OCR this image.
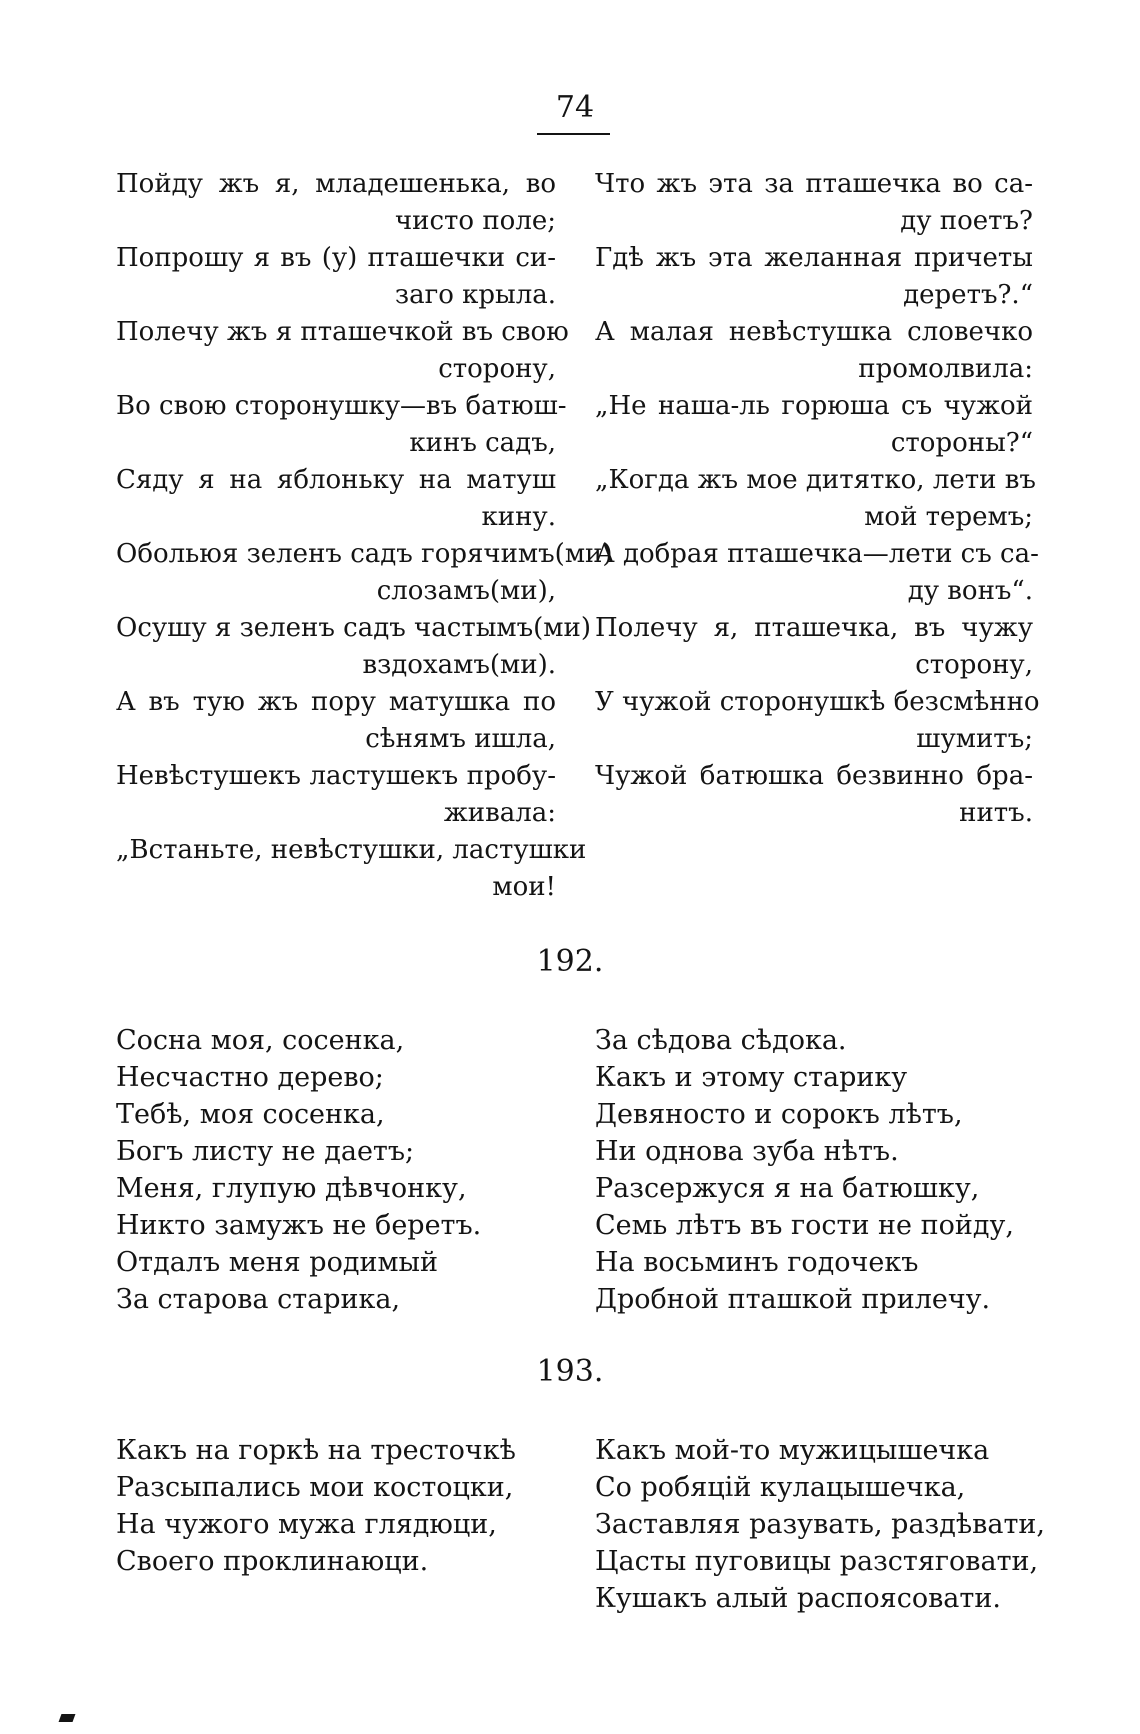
74
Пойду жъ я, младешенька, во
чисто поле;
Попрошу я въ (у) пташечки си-
заго крыла.
Полечу жъ я пташечкой въ свою
сторону,
Во свою сторонушку—въ батюш-
кинъ садъ,
Сяду я на яблоньку на матуш
кину.
Обольюя зеленъ садъ горячимъ(ми)
слозамъ(ми),
Осушу я зеленъ садъ частымъ(ми)
вздохамъ(ми).
А въ тую жъ пору матушка по
сѣнямъ ишла,
Невѣстушекъ ластушекъ пробу-
живала:
„Встаньте, невѣстушки, ластушки
мои!
Что жъ эта за пташечка во са-
ду поетъ?
Гдѣ жъ эта желанная причеты
деретъ?.“
А малая невѣстушка словечко
промолвила:
„Не наша-ль горюша съ чужой
стороны?“
„Когда жъ мое дитятко, лети въ
мой теремъ;
А добрая пташечка—лети съ са-
ду вонъ“.
Полечу я, пташечка, въ чужу
сторону,
У чужой сторонушкѣ безсмѣнно
шумитъ;
Чужой батюшка безвинно бра-
нитъ.
192.
Сосна моя, сосенка,
Несчастно дерево;
Тебѣ, моя сосенка,
Богъ листу не даетъ;
Меня, глупую дѣвчонку,
Никто замужъ не беретъ.
Отдалъ меня родимый
За старова старика,
За сѣдова сѣдока.
Какъ и этому старику
Девяносто и сорокъ лѣтъ,
Ни однова зуба нѣтъ.
Разсержуся я на батюшку,
Семь лѣтъ въ гости не пойду,
На восьминъ годочекъ
Дробной пташкой прилечу.
193.
Какъ на горкѣ на тресточкѣ
Разсыпались мои костоцки,
На чужого мужа глядюци,
Своего проклинаюци.
Какъ мой-то мужицышечка
Со робяцій кулацышечка,
Заставляя разувать, раздѣвати,
Цасты пуговицы разстяговати,
Кушакъ алый распоясовати.
